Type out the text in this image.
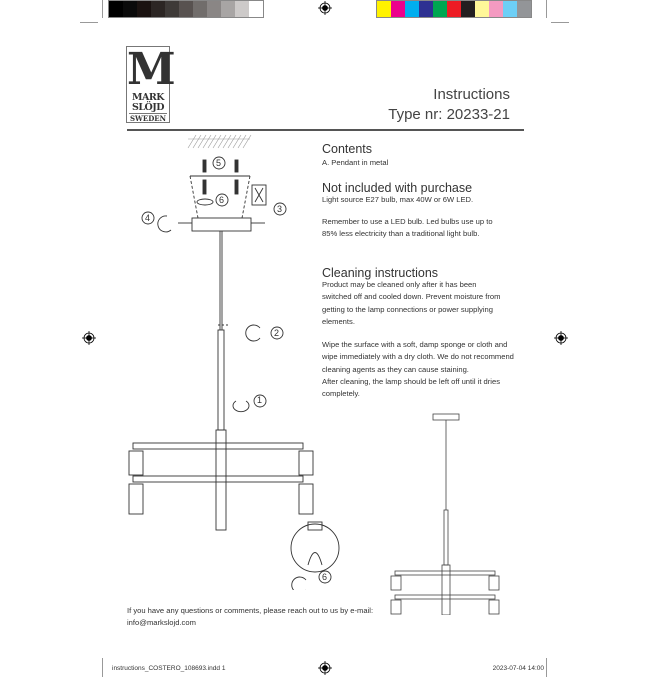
M
MARK
SLÖJD
SWEDEN
Instructions
Type nr: 20233-21
Contents
A. Pendant in metal
Not included with purchase
Light source E27 bulb, max 40W or 6W LED.
Remember to use a LED bulb. Led bulbs use up to
85% less electricity than a traditional light bulb.
Cleaning instructions
Product may be cleaned only after it has been
switched off and cooled down. Prevent moisture from
getting to the lamp connections or power supplying
elements.
Wipe the surface with a soft, damp sponge or cloth and
wipe immediately with a dry cloth. We do not recommend
cleaning agents as they can cause staining.
After cleaning, the lamp should be left off until it dries
completely.
1
2
3
4
5
6
6
If you have any questions or comments, please reach out to us by e-mail:
info@markslojd.com
instructions_COSTERO_108693.indd 1	2023-07-04 14:00
